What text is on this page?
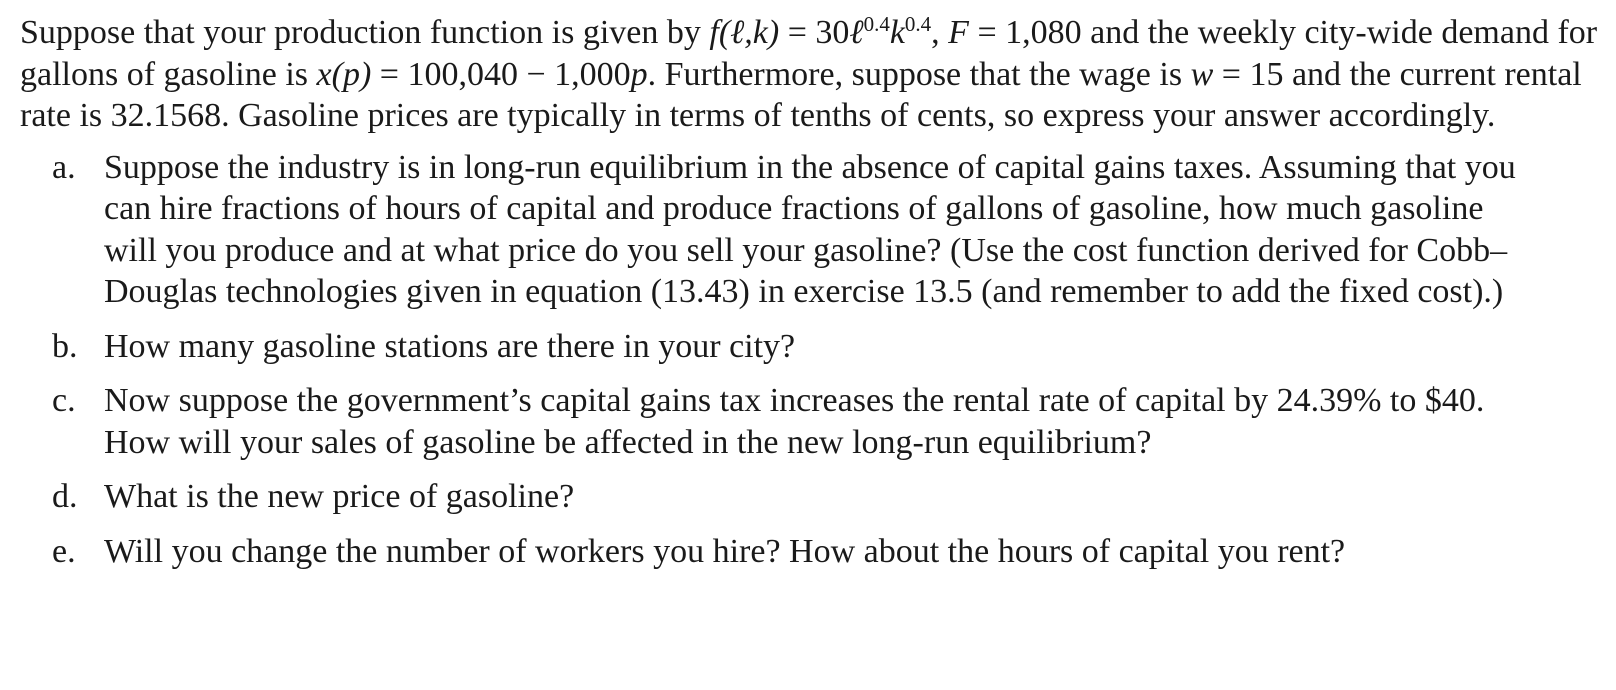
Suppose that your production function is given by f(ℓ,k) = $30\ell^{0.4}k^{0.4}$, F = 1,080 and the weekly city-wide demand for gallons of gasoline is x(p) = 100,040 − 1,000p. Furthermore, suppose that the wage is w = 15 and the current rental rate is 32.1568. Gasoline prices are typically in terms of tenths of cents, so express your answer accordingly.

a. Suppose the industry is in long-run equilibrium in the absence of capital gains taxes. Assuming that you can hire fractions of hours of capital and produce fractions of gallons of gasoline, how much gasoline will you produce and at what price do you sell your gasoline? (Use the cost function derived for Cobb–Douglas technologies given in equation (13.43) in exercise 13.5 (and remember to add the fixed cost).)
b. How many gasoline stations are there in your city?
c. Now suppose the government’s capital gains tax increases the rental rate of capital by 24.39% to $40. How will your sales of gasoline be affected in the new long-run equilibrium?
d. What is the new price of gasoline?
e. Will you change the number of workers you hire? How about the hours of capital you rent?
